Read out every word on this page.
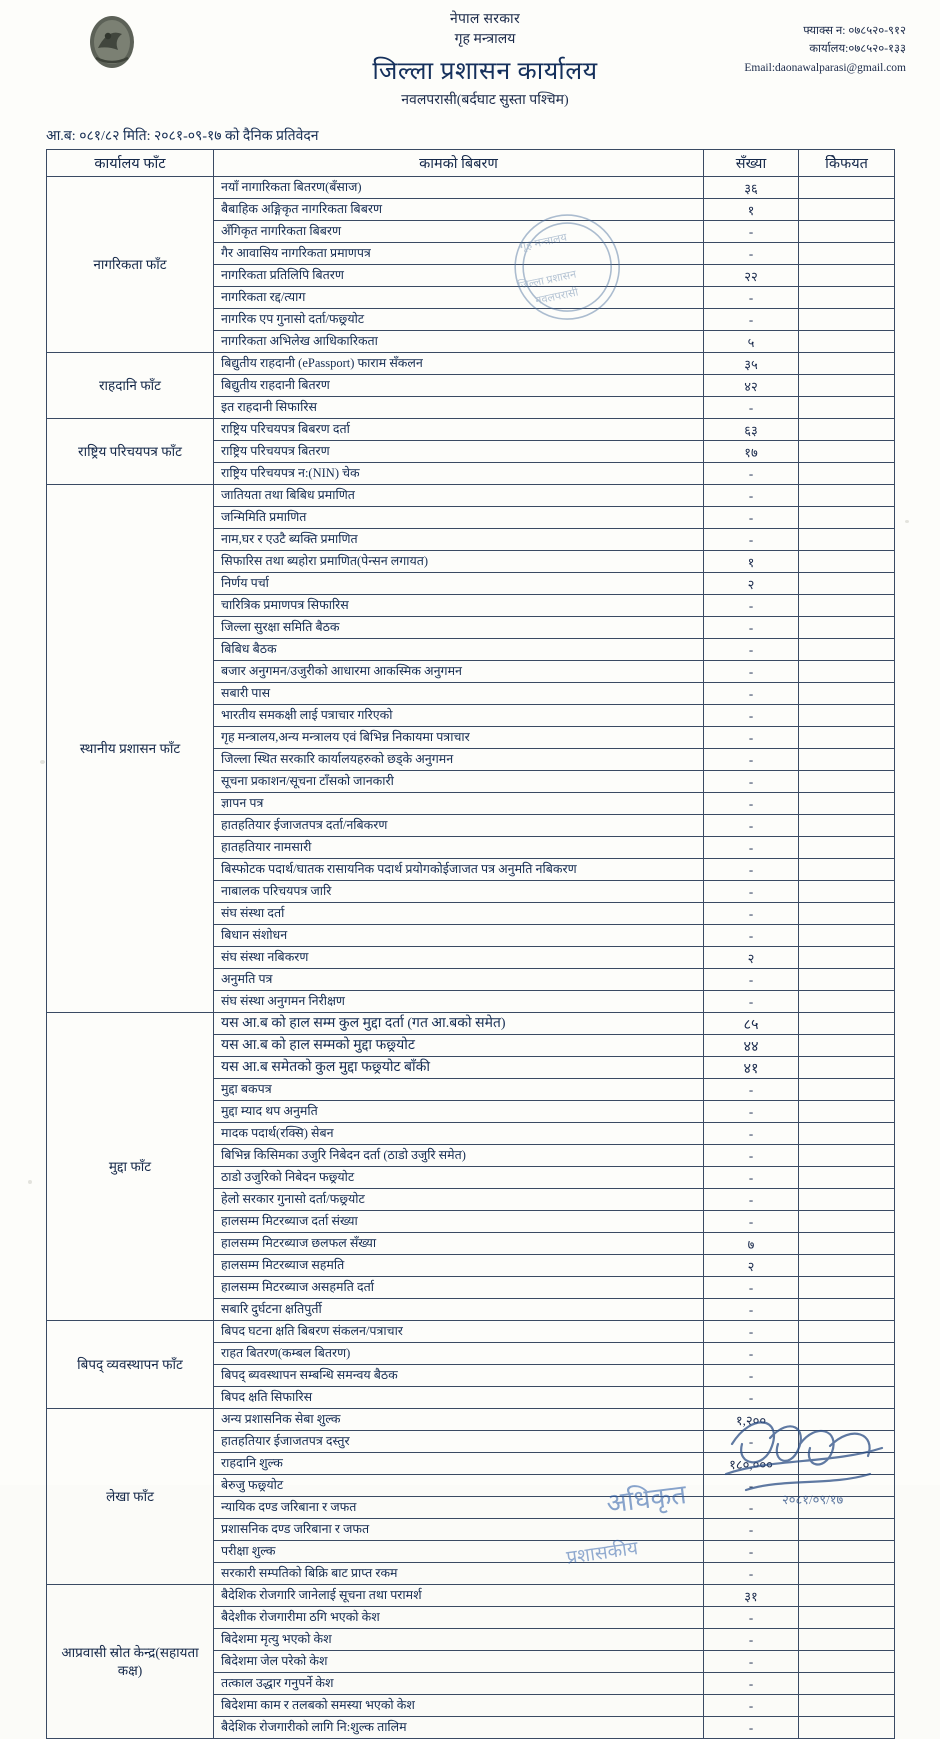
नेपाल सरकार
गृह मन्त्रालय
जिल्ला प्रशासन कार्यालय
नवलपरासी(बर्दघाट सुस्ता पश्चिम)
फ्याक्स न: ०७८५२०-९१२
कार्यालय:०७८५२०-१३३
Email:daonawalparasi@gmail.com
आ.ब: ०८१/८२ मिति: २०८१-०९-१७ को दैनिक प्रतिवेदन
गृह मन्त्रालय
जिल्ला प्रशासन
नवलपरासी
कार्यालय फाँट	कामको बिबरण	सँख्या	केिफयत
नागरिकता फाँट	नयाँ नागारिकता बितरण(बँसाज)	३६	
	बैबाहिक अङ्गिकृत नागरिकता बिबरण	१	
	अँगिकृत नागरिकता बिबरण	-	
	गैर आवासिय नागरिकता प्रमाणपत्र	-	
	नागरिकता प्रतिलिपि बितरण	२२	
	नागरिकता रद्द/त्याग	-	
	नागरिक एप गुनासो दर्ता/फछ्र्योट	-	
	नागरिकता अभिलेख आधिकारिकता	५	
राहदानि फाँट	बिद्युतीय राहदानी (ePassport) फाराम सँकलन	३५	
	बिद्युतीय राहदानी बितरण	४२	
	इत राहदानी सिफारिस	-	
राष्ट्रिय परिचयपत्र फाँट	राष्ट्रिय परिचयपत्र बिबरण दर्ता	६३	
	राष्ट्रिय परिचयपत्र बितरण	१७	
	राष्ट्रिय परिचयपत्र न:(NIN) चेक	-	
स्थानीय प्रशासन फाँट	जातियता तथा बिबिध प्रमाणित	-	
	जन्मिमिति प्रमाणित	-	
	नाम,घर र एउटै ब्यक्ति प्रमाणित	-	
	सिफारिस तथा ब्यहोरा प्रमाणित(पेन्सन लगायत)	१	
	निर्णय पर्चा	२	
	चारित्रिक प्रमाणपत्र सिफारिस	-	
	जिल्ला सुरक्षा समिति बैठक	-	
	बिबिध बैठक	-	
	बजार अनुगमन/उजुरीको आधारमा आकस्मिक अनुगमन	-	
	सबारी पास	-	
	भारतीय समकक्षी लाई पत्राचार गरिएको	-	
	गृह मन्त्रालय,अन्य मन्त्रालय एवं बिभिन्न निकायमा पत्राचार	-	
	जिल्ला स्थित सरकारि कार्यालयहरुको छड्के अनुगमन	-	
	सूचना प्रकाशन/सूचना टाँसको जानकारी	-	
	ज्ञापन पत्र	-	
	हातहतियार ईजाजतपत्र दर्ता/नबिकरण	-	
	हातहतियार नामसारी	-	
	बिस्फोटक पदार्थ/घातक रासायनिक पदार्थ प्रयोगकोईजाजत पत्र अनुमति नबिकरण	-	
	नाबालक परिचयपत्र जारि	-	
	संघ संस्था दर्ता	-	
	बिधान संशोधन	-	
	संघ संस्था नबिकरण	२	
	अनुमति पत्र	-	
	संघ संस्था अनुगमन निरीक्षण	-	
मुद्दा फाँट	यस आ.ब को हाल सम्म कुल मुद्दा दर्ता (गत आ.बको समेत)	८५	
	यस आ.ब को हाल सम्मको मुद्दा फछ्र्योट	४४	
	यस आ.ब समेतको कुल मुद्दा फछ्र्योट बाँकी	४१	
	मुद्दा बकपत्र	-	
	मुद्दा म्याद थप अनुमति	-	
	मादक पदार्थ(रक्सि) सेबन	-	
	बिभिन्न किसिमका उजुरि निबेदन दर्ता (ठाडो उजुरि समेत)	-	
	ठाडो उजुरिको निबेदन फछ्र्योट	-	
	हेलो सरकार गुनासो दर्ता/फछ्र्योट	-	
	हालसम्म मिटरब्याज दर्ता संख्या	-	
	हालसम्म मिटरब्याज छलफल सँख्या	७	
	हालसम्म मिटरब्याज सहमति	२	
	हालसम्म मिटरब्याज असहमति दर्ता	-	
	सबारि दुर्घटना क्षतिपुर्ती	-	
बिपद् व्यवस्थापन फाँट	बिपद घटना क्षति बिबरण संकलन/पत्राचार	-	
	राहत बितरण(कम्बल बितरण)	-	
	बिपद् ब्यवस्थापन सम्बन्धि समन्वय बैठक	-	
	बिपद क्षति सिफारिस	-	
लेखा फाँट	अन्य प्रशासनिक सेबा शुल्क	१,२००	
	हातहतियार ईजाजतपत्र दस्तुर	-	
	राहदानि शुल्क	१८०,०००	
	बेरुजु फछ्र्योट	-	
	न्यायिक दण्ड जरिबाना र जफत	-	
	प्रशासनिक दण्ड जरिबाना र जफत	-	
	परीक्षा शुल्क	-	
	सरकारी सम्पतिको बिक्रि बाट प्राप्त रकम	-	
आप्रवासी स्रोत केन्द्र(सहायता कक्ष)	बैदेशिक रोजगारि जानेलाई सूचना तथा परामर्श	३१	
	बैदेशीक रोजगारीमा ठगि भएको केश	-	
	बिदेशमा मृत्यु भएको केश	-	
	बिदेशमा जेल परेको केश	-	
	तत्काल उद्धार गनुपर्ने केश	-	
	बिदेशमा काम र तलबको समस्या भएको केश	-	
	बैदेशिक रोजगारीको लागि नि:शुल्क तालिम	-	
२०८१/०९/१७
अधिकृत
प्रशासकीय
